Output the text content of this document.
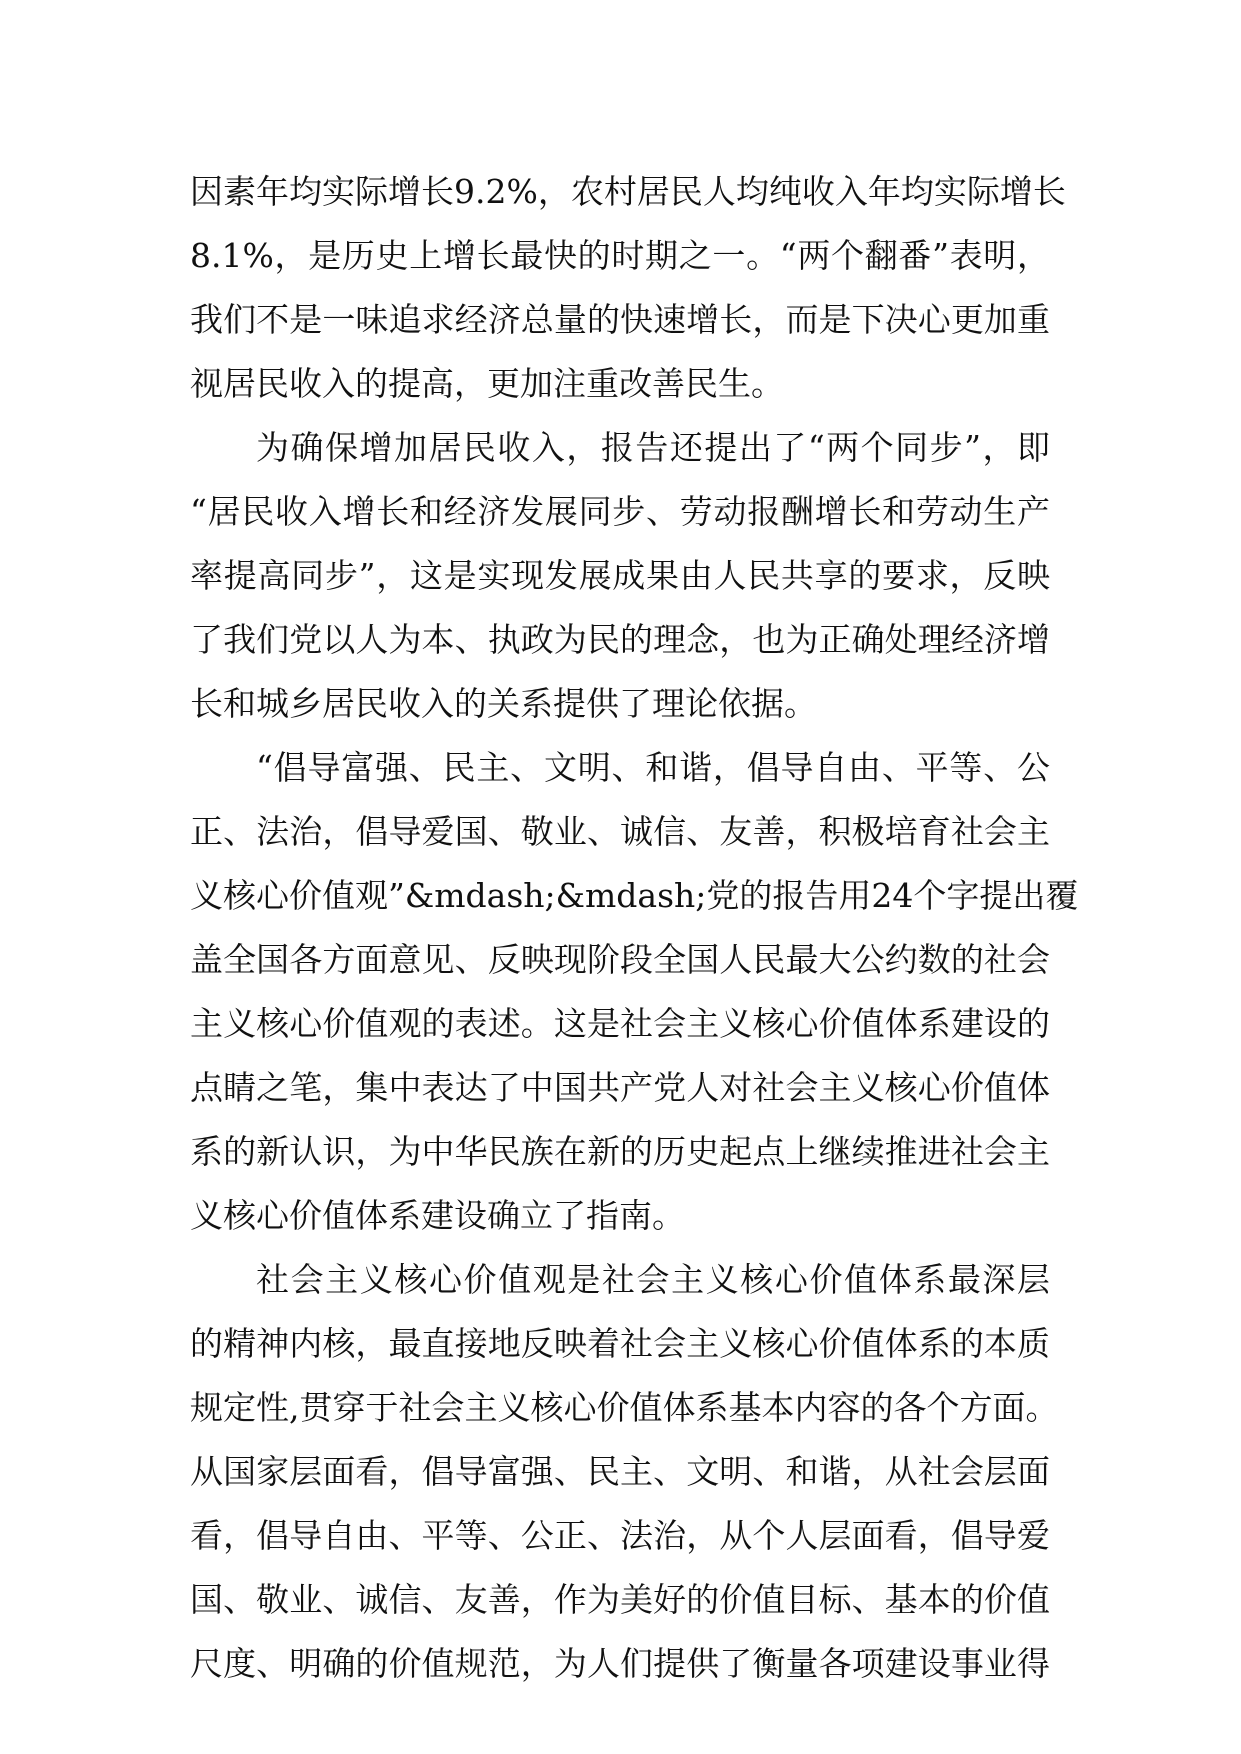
因素年均实际增长9.2%，农村居民人均纯收入年均实际增长
8.1%，是历史上增长最快的时期之一。“两个翻番”表明，
我们不是一味追求经济总量的快速增长，而是下决心更加重
视居民收入的提高，更加注重改善民生。
为确保增加居民收入，报告还提出了“两个同步”，即
“居民收入增长和经济发展同步、劳动报酬增长和劳动生产
率提高同步”，这是实现发展成果由人民共享的要求，反映
了我们党以人为本、执政为民的理念，也为正确处理经济增
长和城乡居民收入的关系提供了理论依据。
“倡导富强、民主、文明、和谐，倡导自由、平等、公
正、法治，倡导爱国、敬业、诚信、友善，积极培育社会主
义核心价值观”&mdash;&mdash;党的报告用24个字提出覆
盖全国各方面意见、反映现阶段全国人民最大公约数的社会
主义核心价值观的表述。这是社会主义核心价值体系建设的
点睛之笔，集中表达了中国共产党人对社会主义核心价值体
系的新认识，为中华民族在新的历史起点上继续推进社会主
义核心价值体系建设确立了指南。
社会主义核心价值观是社会主义核心价值体系最深层
的精神内核，最直接地反映着社会主义核心价值体系的本质
规定性,贯穿于社会主义核心价值体系基本内容的各个方面。
从国家层面看，倡导富强、民主、文明、和谐，从社会层面
看，倡导自由、平等、公正、法治，从个人层面看，倡导爱
国、敬业、诚信、友善，作为美好的价值目标、基本的价值
尺度、明确的价值规范，为人们提供了衡量各项建设事业得
